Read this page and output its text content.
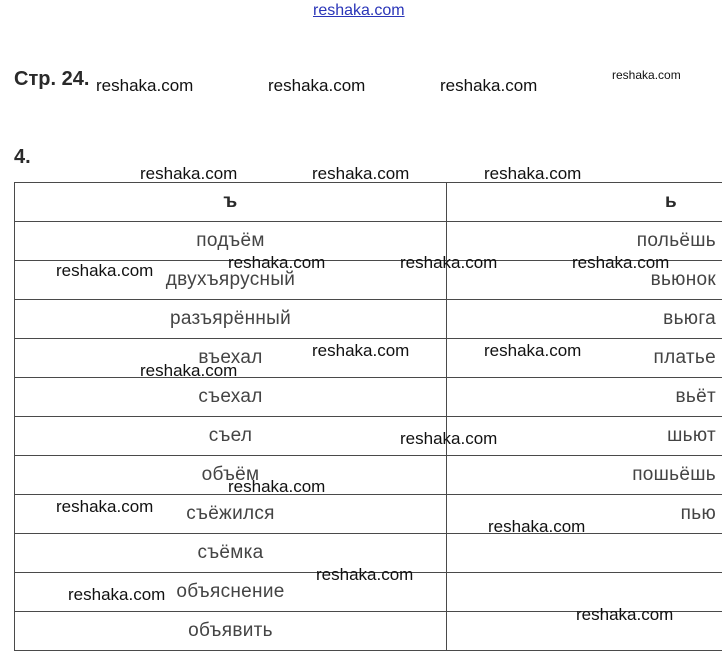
reshaka.com
Стр. 24.
4.
ъ	ь
подъём	польёшь
двухъярусный	вьюнок
разъярённый	вьюга
въехал	платье
съехал	вьёт
съел	шьют
объём	пошьёшь
съёжился	пью
съёмка	
объяснение	
объявить	
reshaka.com	reshaka.com	reshaka.com
reshaka.com
reshaka.com	reshaka.com	reshaka.com
reshaka.com	reshaka.com	reshaka.com	reshaka.com
reshaka.com	reshaka.com
reshaka.com
reshaka.com
reshaka.com
reshaka.com
reshaka.com
reshaka.com
reshaka.com
reshaka.com
